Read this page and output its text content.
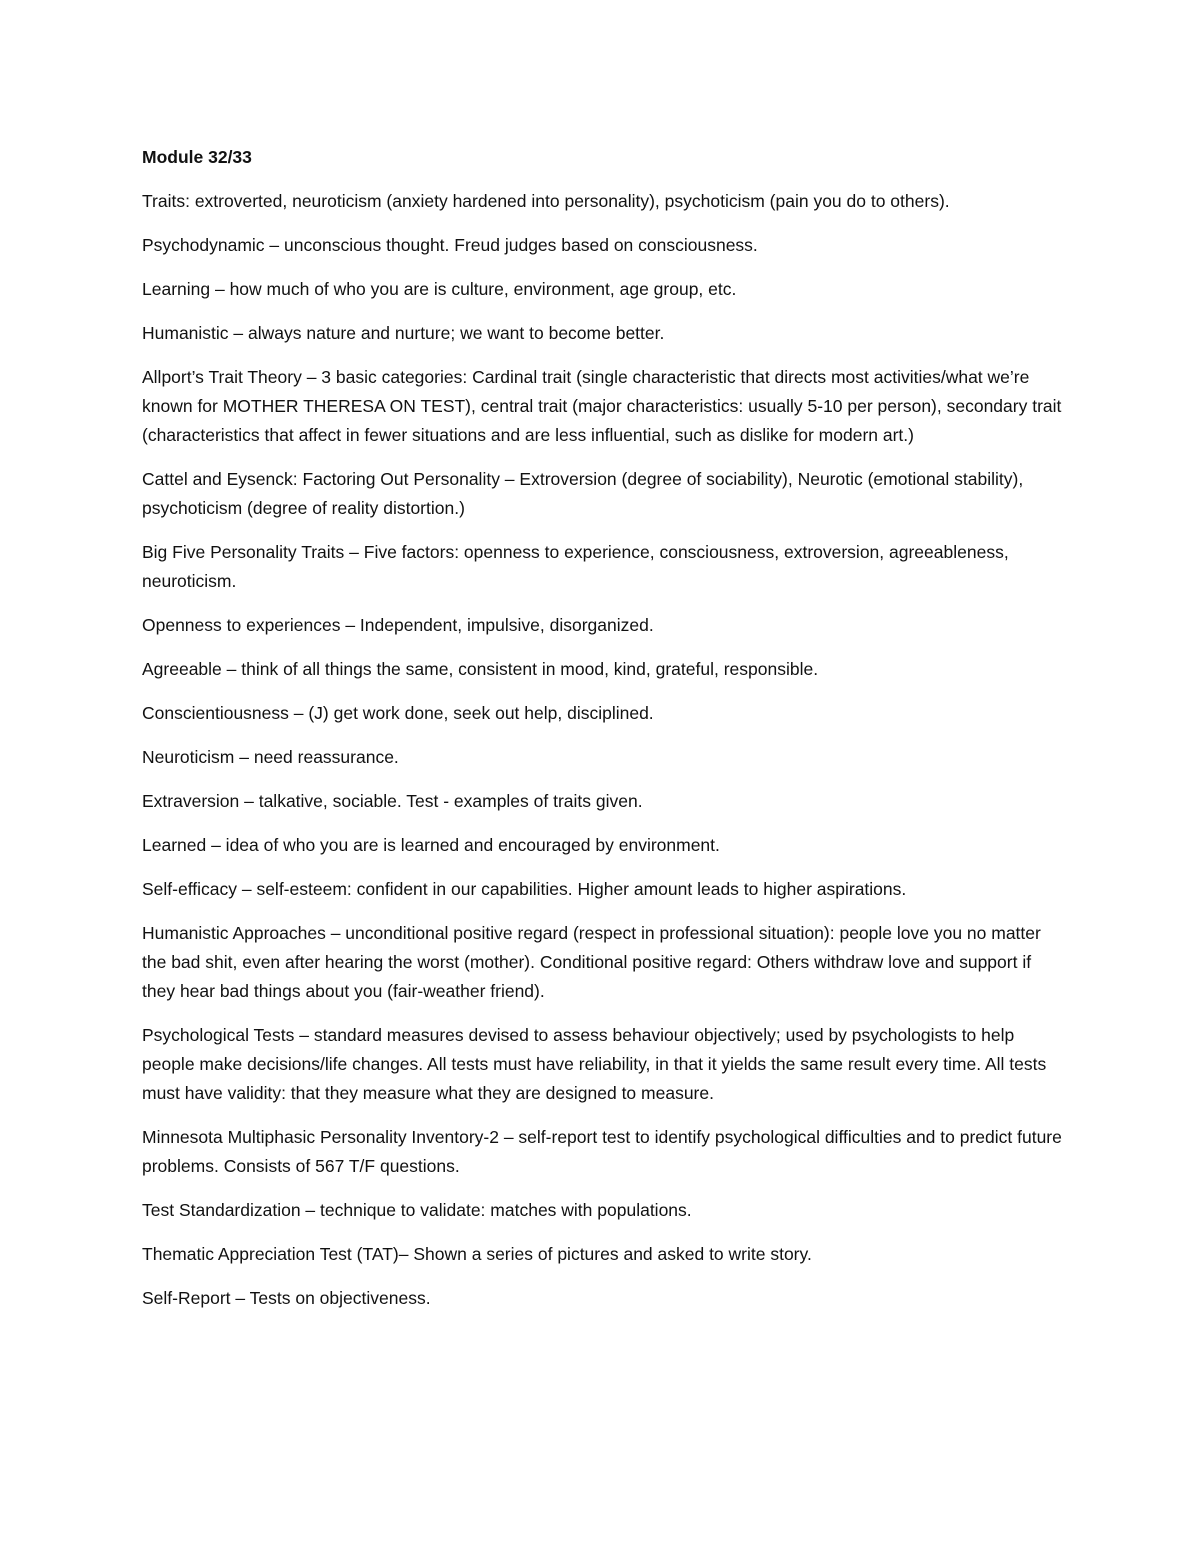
Module 32/33

Traits: extroverted, neuroticism (anxiety hardened into personality), psychoticism (pain you do to others).

Psychodynamic – unconscious thought. Freud judges based on consciousness.

Learning – how much of who you are is culture, environment, age group, etc.

Humanistic – always nature and nurture; we want to become better.

Allport’s Trait Theory – 3 basic categories: Cardinal trait (single characteristic that directs most activities/what we’re known for MOTHER THERESA ON TEST), central trait (major characteristics: usually 5-10 per person), secondary trait (characteristics that affect in fewer situations and are less influential, such as dislike for modern art.)

Cattel and Eysenck: Factoring Out Personality – Extroversion (degree of sociability), Neurotic (emotional stability), psychoticism (degree of reality distortion.)

Big Five Personality Traits – Five factors: openness to experience, consciousness, extroversion, agreeableness, neuroticism.

Openness to experiences – Independent, impulsive, disorganized.

Agreeable – think of all things the same, consistent in mood, kind, grateful, responsible.

Conscientiousness – (J) get work done, seek out help, disciplined.

Neuroticism – need reassurance.

Extraversion – talkative, sociable. Test - examples of traits given.

Learned – idea of who you are is learned and encouraged by environment.

Self-efficacy – self-esteem: confident in our capabilities. Higher amount leads to higher aspirations.

Humanistic Approaches – unconditional positive regard (respect in professional situation): people love you no matter the bad shit, even after hearing the worst (mother). Conditional positive regard: Others withdraw love and support if they hear bad things about you (fair-weather friend).

Psychological Tests – standard measures devised to assess behaviour objectively; used by psychologists to help people make decisions/life changes. All tests must have reliability, in that it yields the same result every time. All tests must have validity: that they measure what they are designed to measure.

Minnesota Multiphasic Personality Inventory-2 – self-report test to identify psychological difficulties and to predict future problems. Consists of 567 T/F questions.

Test Standardization – technique to validate: matches with populations.

Thematic Appreciation Test (TAT)– Shown a series of pictures and asked to write story.

Self-Report – Tests on objectiveness.
